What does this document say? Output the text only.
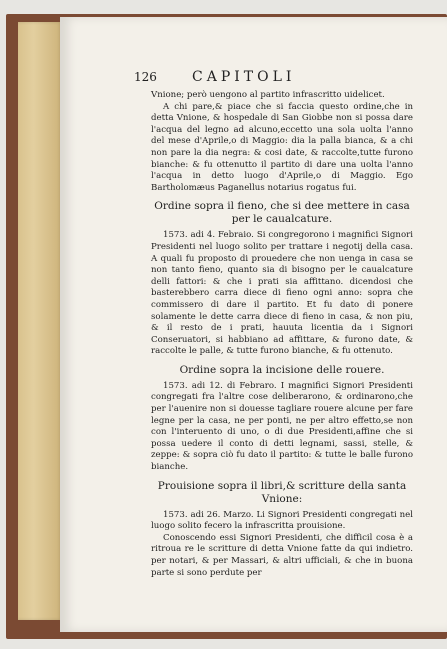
126	CAPITOLI

Vnione; però uengono al partito infrascritto uidelicet.

A chi pare,& piace che si faccia questo ordine,che in detta Vnione, & hospedale di San Giobbe non si possa dare l'acqua del legno ad alcuno,eccetto una sola uolta l'anno del mese d'Aprile,o di Maggio: dia la palla bianca, & a chi non pare la dia negra: & cosi date, & raccolte,tutte furono bianche: & fu ottenutto il partito di dare una uolta l'anno l'acqua in detto luogo d'Aprile,o di Maggio. Ego Bartholomæus Paganellus notarius rogatus fui.

Ordine sopra il fieno, che si dee mettere in casa per le caualcature.

1573. adi 4. Febraio. Si congregorono i magnifici Signori Presidenti nel luogo solito per trattare i negotij della casa. A quali fu proposto di prouedere che non uenga in casa se non tanto fieno, quanto sia di bisogno per le caualcature delli fattori: & che i prati sia affittano. dicendosi che basterebbero carra diece di fieno ogni anno: sopra che commissero di dare il partito. Et fu dato di ponere solamente le dette carra diece di fieno in casa, & non piu, & il resto de i prati, hauuta licentia da i Signori Conseruatori, si habbiano ad affittare, & furono date, & raccolte le palle, & tutte furono bianche, & fu ottenuto.

Ordine sopra la incisione delle rouere.

1573. adi 12. di Febraro. I magnifici Signori Presidenti congregati fra l'altre cose deliberarono, & ordinarono,che per l'auenire non si douesse tagliare rouere alcune per fare legne per la casa, ne per ponti, ne per altro effetto,se non con l'interuento di uno, o di due Presidenti,affine che si possa uedere il conto di detti legnami, sassi, stelle, & zeppe: & sopra ciò fu dato il partito: & tutte le balle furono bianche.

Prouisione sopra il libri,& scritture della santa Vnione:

1573. adi 26. Marzo. Li Signori Presidenti congregati nel luogo solito fecero la infrascritta prouisione.

Conoscendo essi Signori Presidenti, che difficil cosa è a ritroua re le scritture di detta Vnione fatte da qui indietro. per notari, & per Massari, & altri ufficiali, & che in buona parte si sono perdute per
